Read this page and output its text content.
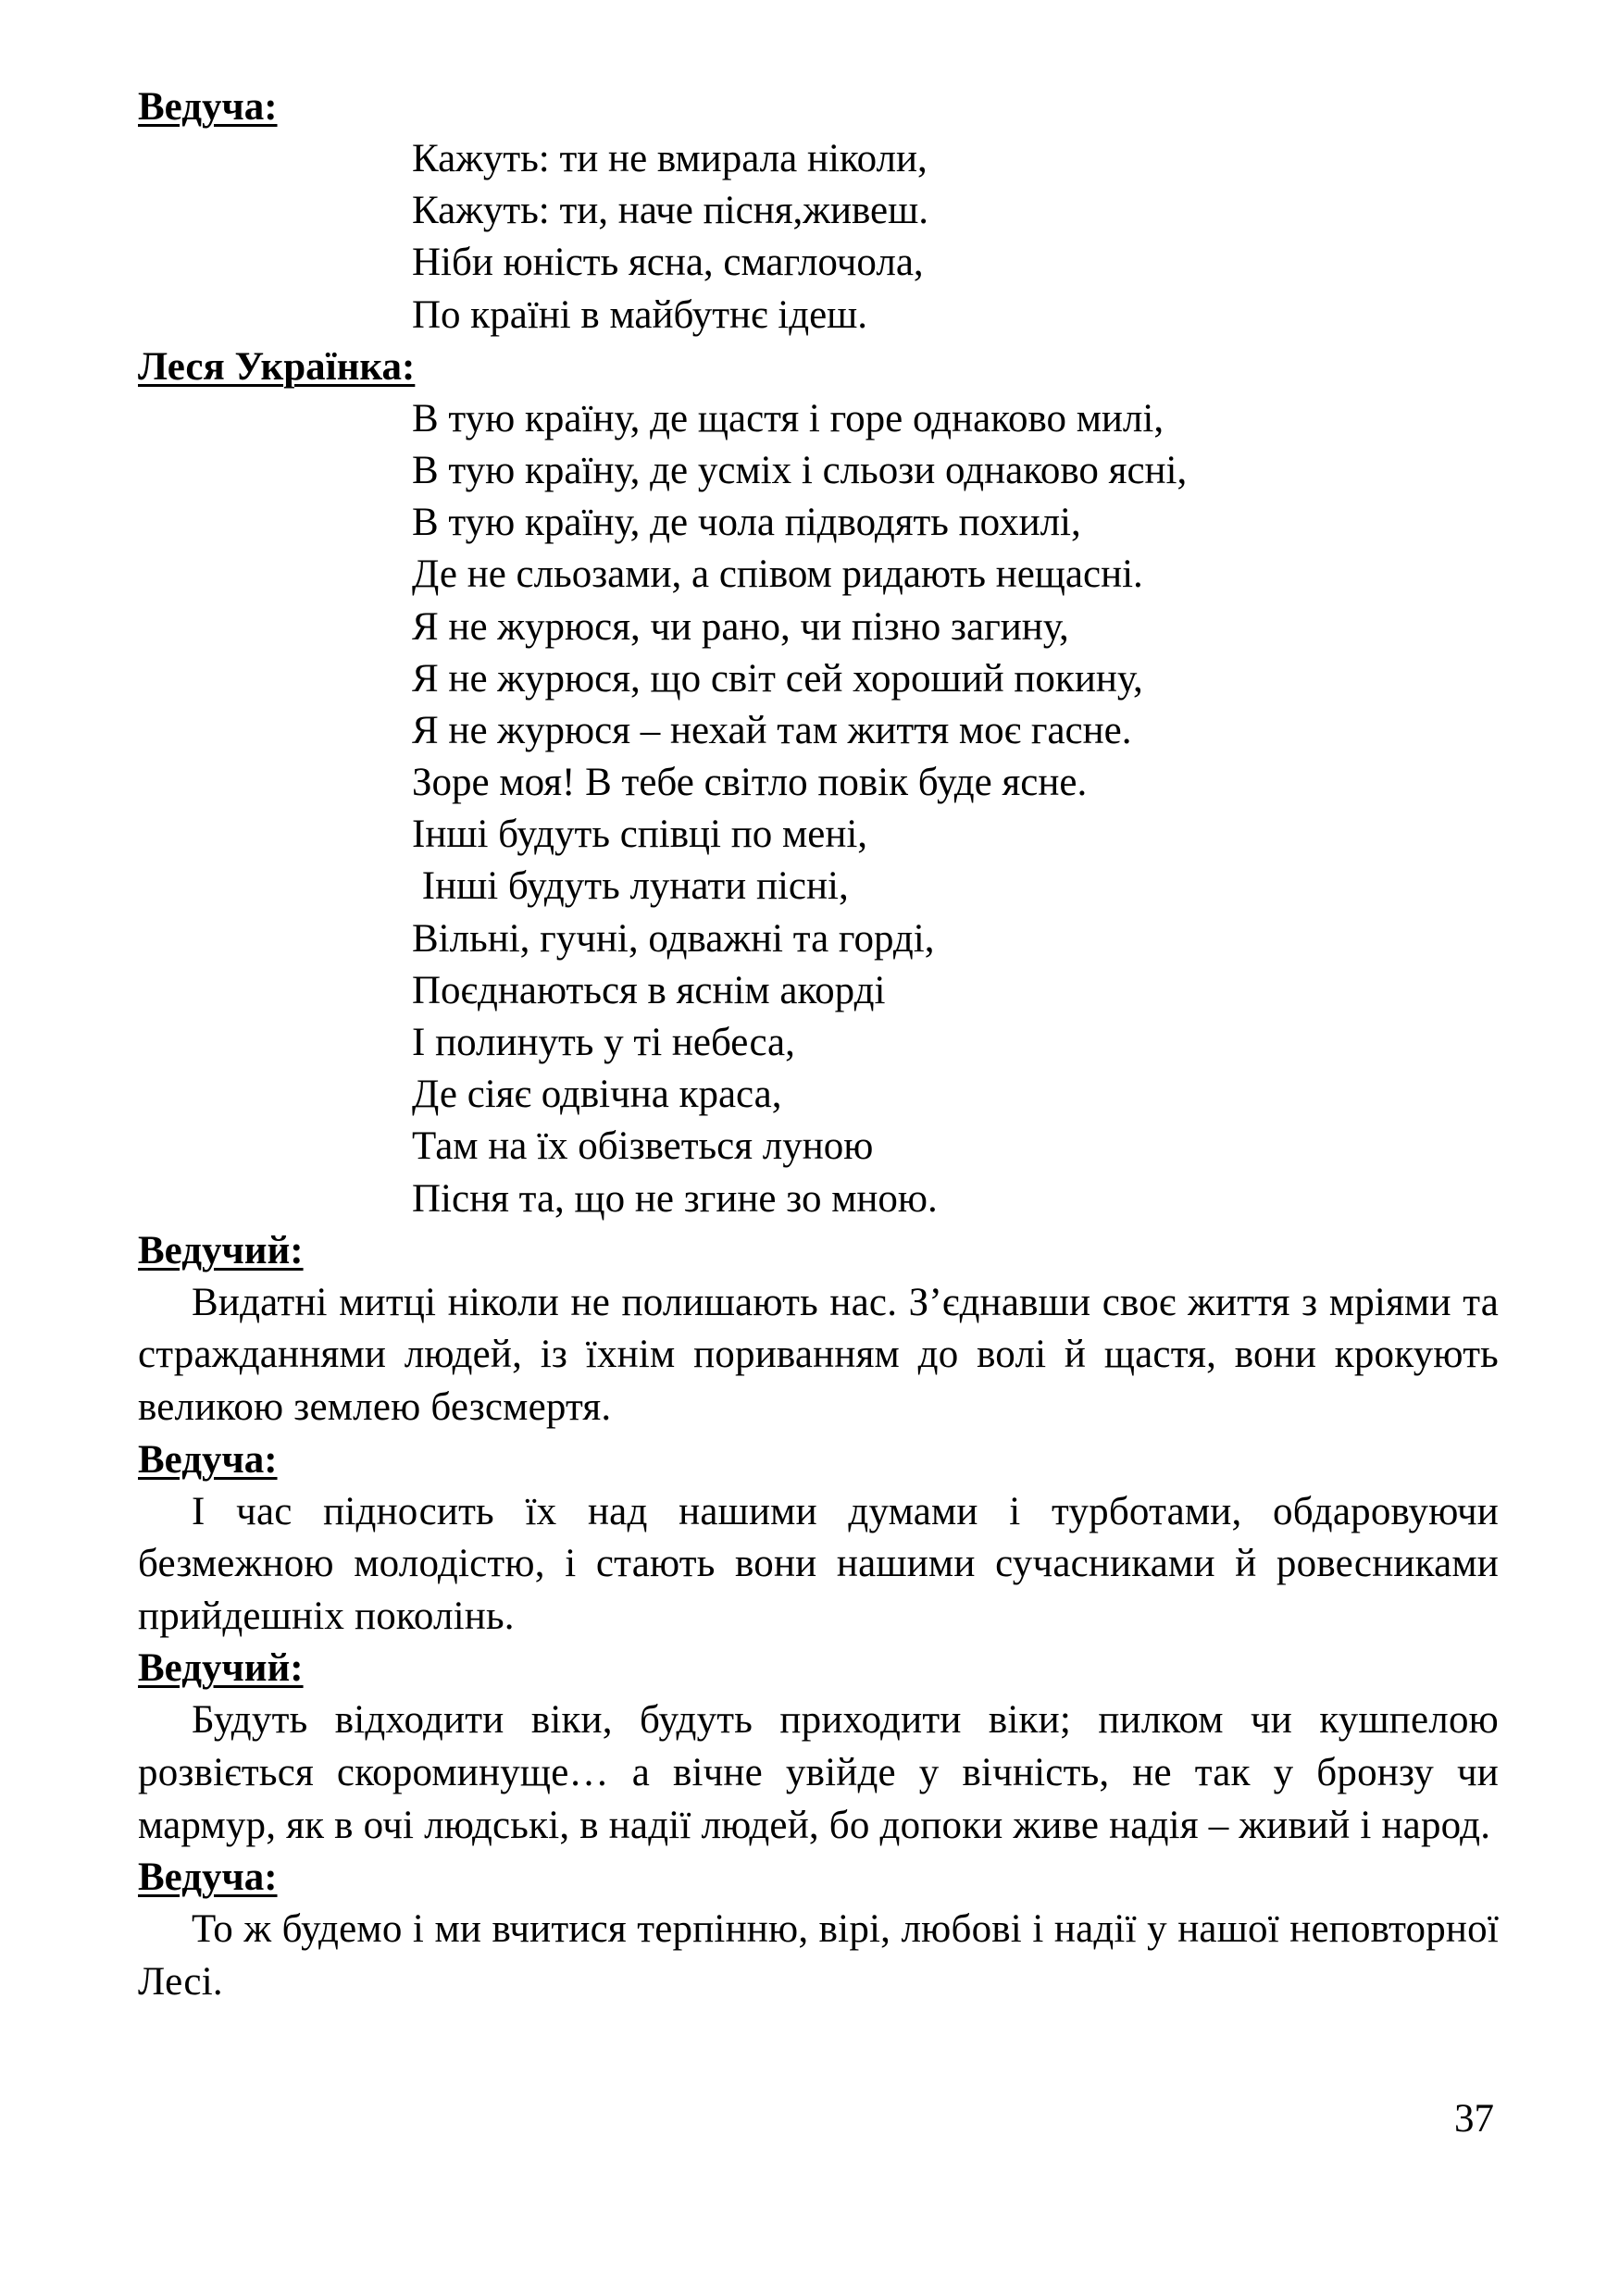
Ведуча:
Кажуть: ти не вмирала ніколи,
Кажуть: ти, наче пісня,живеш.
Ніби юність ясна, смаглочола,
По країні в майбутнє ідеш.
Леся Українка:
В тую країну, де щастя і горе однаково милі,
В тую країну, де усміх і сльози однаково ясні,
В тую країну, де чола підводять похилі,
Де не сльозами, а співом ридають нещасні.
Я не журюся, чи рано, чи пізно загину,
Я не журюся, що світ сей хороший покину,
Я не журюся – нехай там життя моє гасне.
Зоре моя! В тебе світло повік буде ясне.
Інші будуть співці по мені,
Інші будуть лунати пісні,
Вільні, гучні, одважні та горді,
Поєднаються в яснім акорді
І полинуть у ті небеса,
Де сіяє одвічна краса,
Там на їх обізветься луною
Пісня та, що не згине зо мною.
Ведучий:

Видатні митці ніколи не полишають нас. З’єднавши своє життя з мріями та стражданнями людей, із їхнім пориванням до волі й щастя, вони крокують великою землею безсмертя.

Ведуча:

І час підносить їх над нашими думами і турботами, обдаровуючи безмежною молодістю, і стають вони нашими сучасниками й ровесниками прийдешніх поколінь.

Ведучий:

Будуть відходити віки, будуть приходити віки; пилком чи кушпелою розвіється скороминуще… а вічне увійде у вічність, не так у бронзу чи мармур, як в очі людські, в надії людей, бо допоки живе надія – живий і народ.

Ведуча:

То ж будемо і ми вчитися терпінню, вірі, любові і надії у нашої неповторної Лесі.

37
